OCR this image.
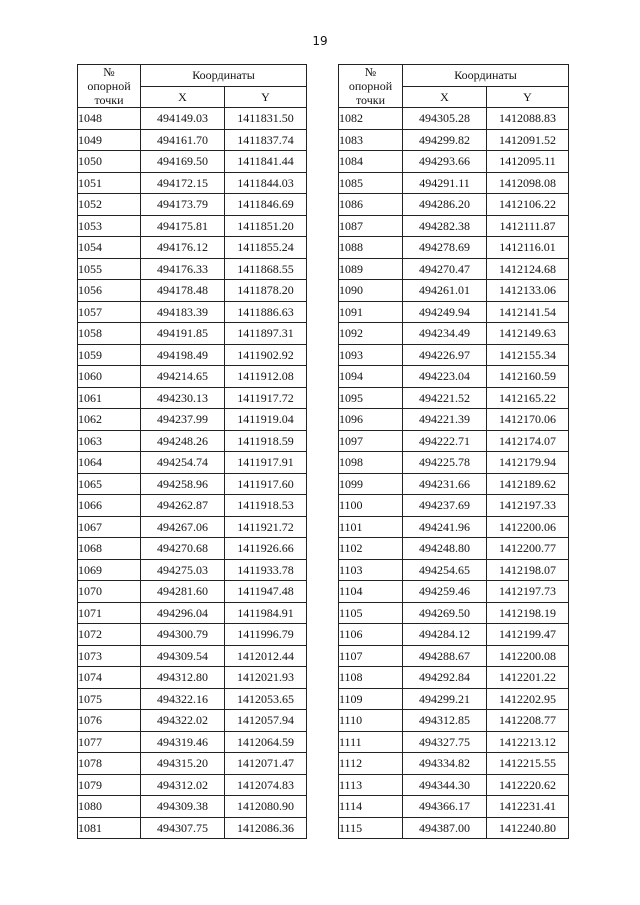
19
№
опорной
точки	Координаты	
	X	Y
1048	494149.03	1411831.50
1049	494161.70	1411837.74
1050	494169.50	1411841.44
1051	494172.15	1411844.03
1052	494173.79	1411846.69
1053	494175.81	1411851.20
1054	494176.12	1411855.24
1055	494176.33	1411868.55
1056	494178.48	1411878.20
1057	494183.39	1411886.63
1058	494191.85	1411897.31
1059	494198.49	1411902.92
1060	494214.65	1411912.08
1061	494230.13	1411917.72
1062	494237.99	1411919.04
1063	494248.26	1411918.59
1064	494254.74	1411917.91
1065	494258.96	1411917.60
1066	494262.87	1411918.53
1067	494267.06	1411921.72
1068	494270.68	1411926.66
1069	494275.03	1411933.78
1070	494281.60	1411947.48
1071	494296.04	1411984.91
1072	494300.79	1411996.79
1073	494309.54	1412012.44
1074	494312.80	1412021.93
1075	494322.16	1412053.65
1076	494322.02	1412057.94
1077	494319.46	1412064.59
1078	494315.20	1412071.47
1079	494312.02	1412074.83
1080	494309.38	1412080.90
1081	494307.75	1412086.36
№
опорной
точки	Координаты	
	X	Y
1082	494305.28	1412088.83
1083	494299.82	1412091.52
1084	494293.66	1412095.11
1085	494291.11	1412098.08
1086	494286.20	1412106.22
1087	494282.38	1412111.87
1088	494278.69	1412116.01
1089	494270.47	1412124.68
1090	494261.01	1412133.06
1091	494249.94	1412141.54
1092	494234.49	1412149.63
1093	494226.97	1412155.34
1094	494223.04	1412160.59
1095	494221.52	1412165.22
1096	494221.39	1412170.06
1097	494222.71	1412174.07
1098	494225.78	1412179.94
1099	494231.66	1412189.62
1100	494237.69	1412197.33
1101	494241.96	1412200.06
1102	494248.80	1412200.77
1103	494254.65	1412198.07
1104	494259.46	1412197.73
1105	494269.50	1412198.19
1106	494284.12	1412199.47
1107	494288.67	1412200.08
1108	494292.84	1412201.22
1109	494299.21	1412202.95
1110	494312.85	1412208.77
1111	494327.75	1412213.12
1112	494334.82	1412215.55
1113	494344.30	1412220.62
1114	494366.17	1412231.41
1115	494387.00	1412240.80
